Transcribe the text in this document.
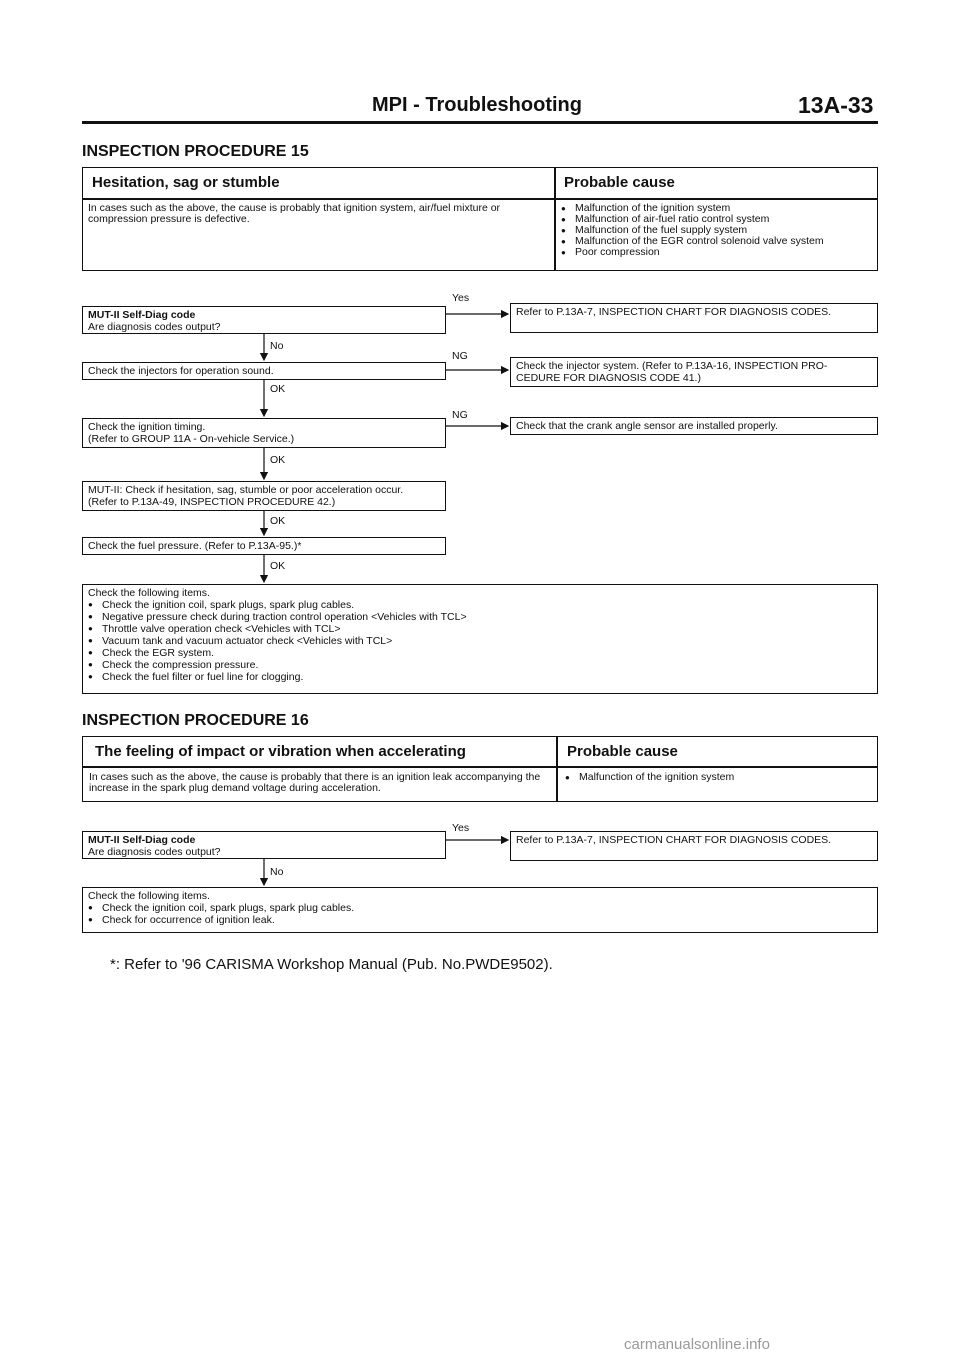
MPI - Troubleshooting	13A-33
INSPECTION PROCEDURE 15
Hesitation, sag or stumble	Probable cause
In cases such as the above, the cause is probably that ignition system, air/fuel mixture or compression pressure is defective.
● Malfunction of the ignition system
● Malfunction of air-fuel ratio control system
● Malfunction of the fuel supply system
● Malfunction of the EGR control solenoid valve system
● Poor compression
MUT-II Self-Diag code
Are diagnosis codes output?
Yes
Refer to P.13A-7, INSPECTION CHART FOR DIAGNOSIS CODES.
No
Check the injectors for operation sound.
NG
Check the injector system. (Refer to P.13A-16, INSPECTION PRO- CEDURE FOR DIAGNOSIS CODE 41.)
OK
Check the ignition timing.
(Refer to GROUP 11A - On-vehicle Service.)
NG
Check that the crank angle sensor are installed properly.
OK
MUT-II: Check if hesitation, sag, stumble or poor acceleration occur.
(Refer to P.13A-49, INSPECTION PROCEDURE 42.)
OK
Check the fuel pressure. (Refer to P.13A-95.)*
OK
Check the following items.
● Check the ignition coil, spark plugs, spark plug cables.
● Negative pressure check during traction control operation <Vehicles with TCL>
● Throttle valve operation check <Vehicles with TCL>
● Vacuum tank and vacuum actuator check <Vehicles with TCL>
● Check the EGR system.
● Check the compression pressure.
● Check the fuel filter or fuel line for clogging.
INSPECTION PROCEDURE 16
The feeling of impact or vibration when accelerating	Probable cause
In cases such as the above, the cause is probably that there is an ignition leak accompanying the increase in the spark plug demand voltage during acceleration.
● Malfunction of the ignition system
Yes
MUT-II Self-Diag code
Are diagnosis codes output?
Refer to P.13A-7, INSPECTION CHART FOR DIAGNOSIS CODES.
No
Check the following items.
● Check the ignition coil, spark plugs, spark plug cables.
● Check for occurrence of ignition leak.
*: Refer to '96 CARISMA Workshop Manual (Pub. No.PWDE9502).
carmanualsonline.info
